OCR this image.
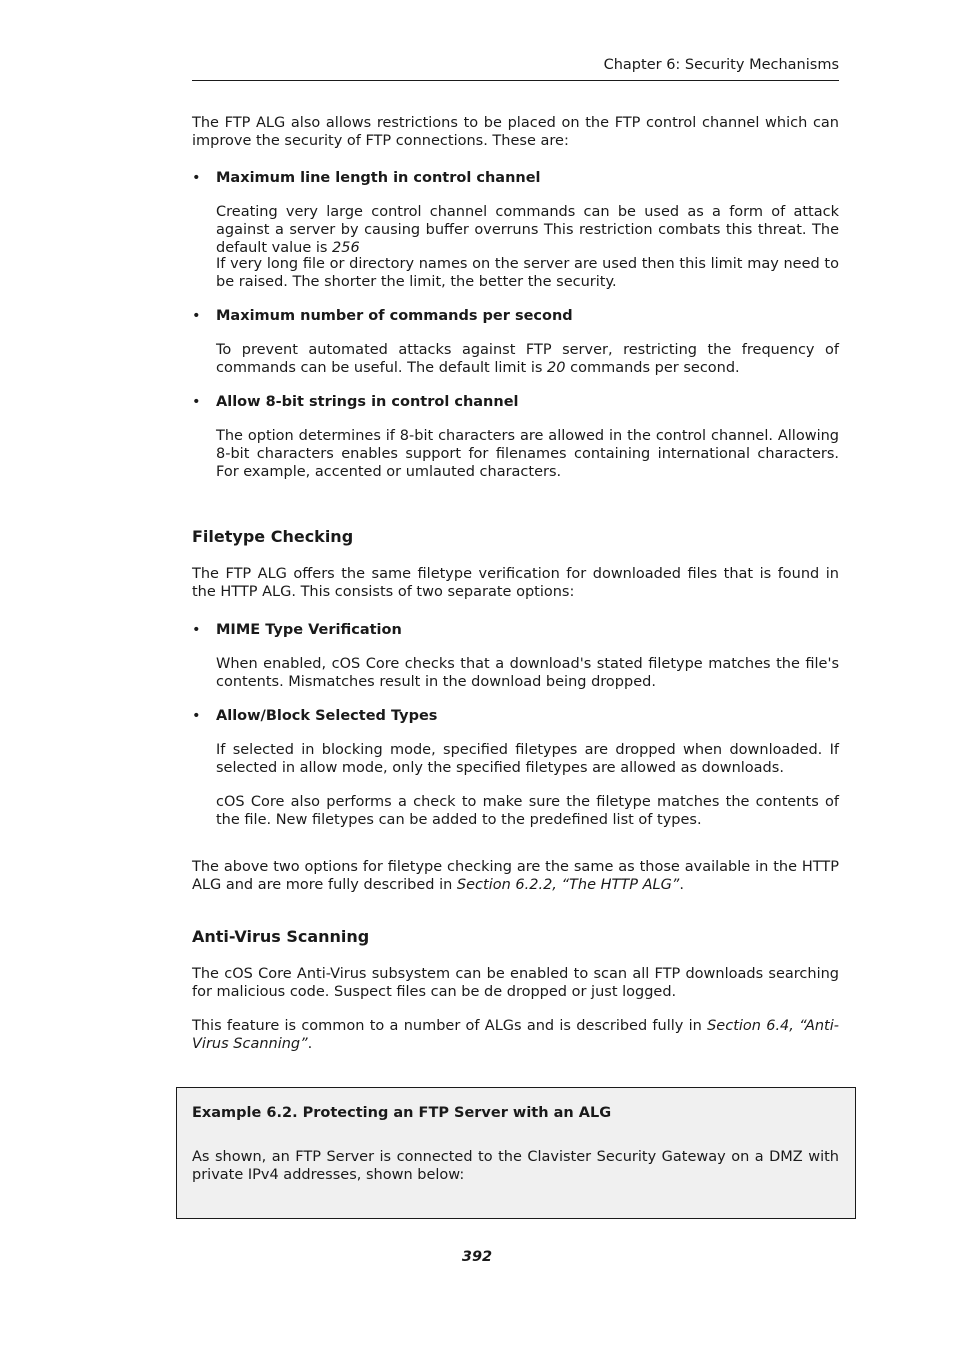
Chapter 6: Security Mechanisms
The FTP ALG also allows restrictions to be placed on the FTP control channel which can improve the security of FTP connections. These are:
•	Maximum line length in control channel
Creating very large control channel commands can be used as a form of attack against a server by causing buffer overruns This restriction combats this threat. The default value is 256
If very long file or directory names on the server are used then this limit may need to be raised. The shorter the limit, the better the security.
•	Maximum number of commands per second
To prevent automated attacks against FTP server, restricting the frequency of commands can be useful. The default limit is 20 commands per second.
•	Allow 8-bit strings in control channel
The option determines if 8-bit characters are allowed in the control channel. Allowing 8-bit characters enables support for filenames containing international characters. For example, accented or umlauted characters.
Filetype Checking
The FTP ALG offers the same filetype verification for downloaded files that is found in the HTTP ALG. This consists of two separate options:
•	MIME Type Verification
When enabled, cOS Core checks that a download's stated filetype matches the file's contents. Mismatches result in the download being dropped.
•	Allow/Block Selected Types
If selected in blocking mode, specified filetypes are dropped when downloaded. If selected in allow mode, only the specified filetypes are allowed as downloads.
cOS Core also performs a check to make sure the filetype matches the contents of the file. New filetypes can be added to the predefined list of types.
The above two options for filetype checking are the same as those available in the HTTP ALG and are more fully described in Section 6.2.2, “The HTTP ALG”.
Anti-Virus Scanning
The cOS Core Anti-Virus subsystem can be enabled to scan all FTP downloads searching for malicious code. Suspect files can be de dropped or just logged.
This feature is common to a number of ALGs and is described fully in Section 6.4, “Anti-Virus Scanning”.
Example 6.2. Protecting an FTP Server with an ALG
As shown, an FTP Server is connected to the Clavister Security Gateway on a DMZ with private IPv4 addresses, shown below:
392
